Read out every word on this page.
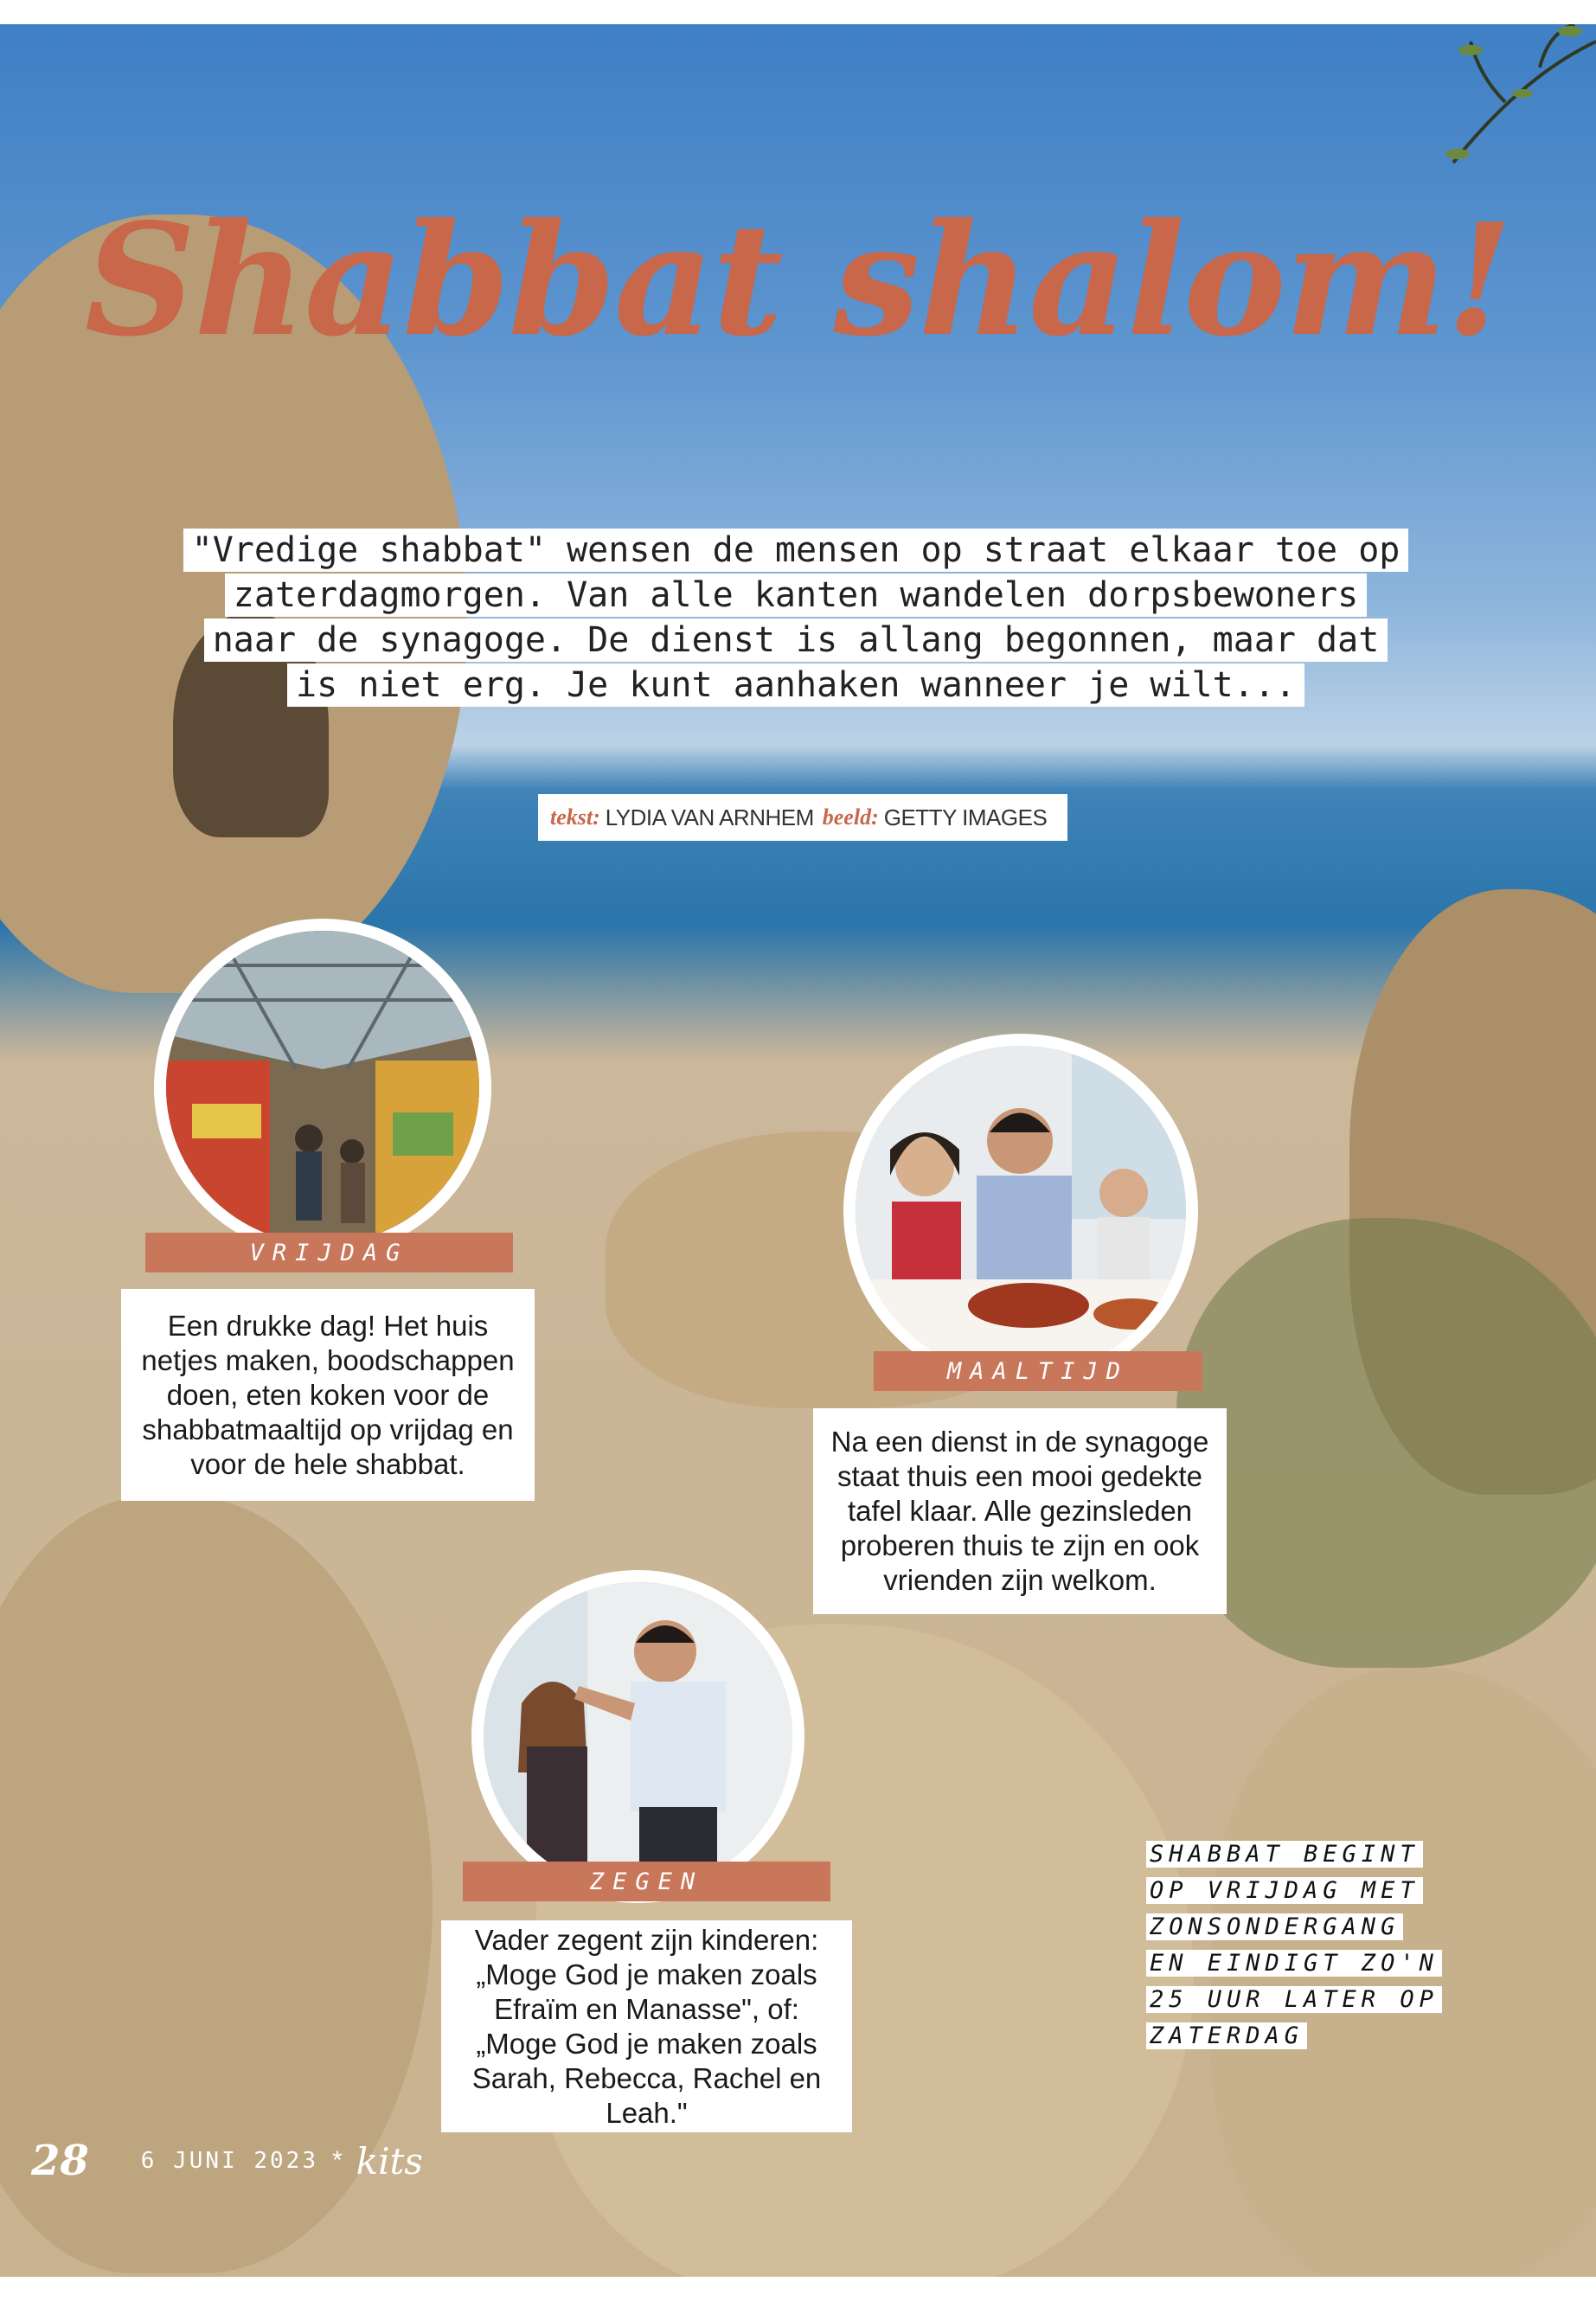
Shabbat shalom!
"Vredige shabbat" wensen de mensen op straat elkaar toe op zaterdagmorgen. Van alle kanten wandelen dorpsbewoners naar de synagoge. De dienst is allang begonnen, maar dat is niet erg. Je kunt aanhaken wanneer je wilt...
tekst: LYDIA VAN ARNHEM beeld: GETTY IMAGES
VRIJDAG
Een drukke dag! Het huis netjes maken, boodschappen doen, eten koken voor de shabbatmaaltijd op vrijdag en voor de hele shabbat.
MAALTIJD
Na een dienst in de synagoge staat thuis een mooi gedekte tafel klaar. Alle gezinsleden proberen thuis te zijn en ook vrienden zijn welkom.
ZEGEN
Vader zegent zijn kinderen: „Moge God je maken zoals Efraïm en Manasse", of: „Moge God je maken zoals Sarah, Rebecca, Rachel en Leah."
SHABBAT BEGINT OP VRIJDAG MET ZONSONDERGANG EN EINDIGT ZO'N 25 UUR LATER OP ZATERDAG
28 6 JUNI 2023 * kits
